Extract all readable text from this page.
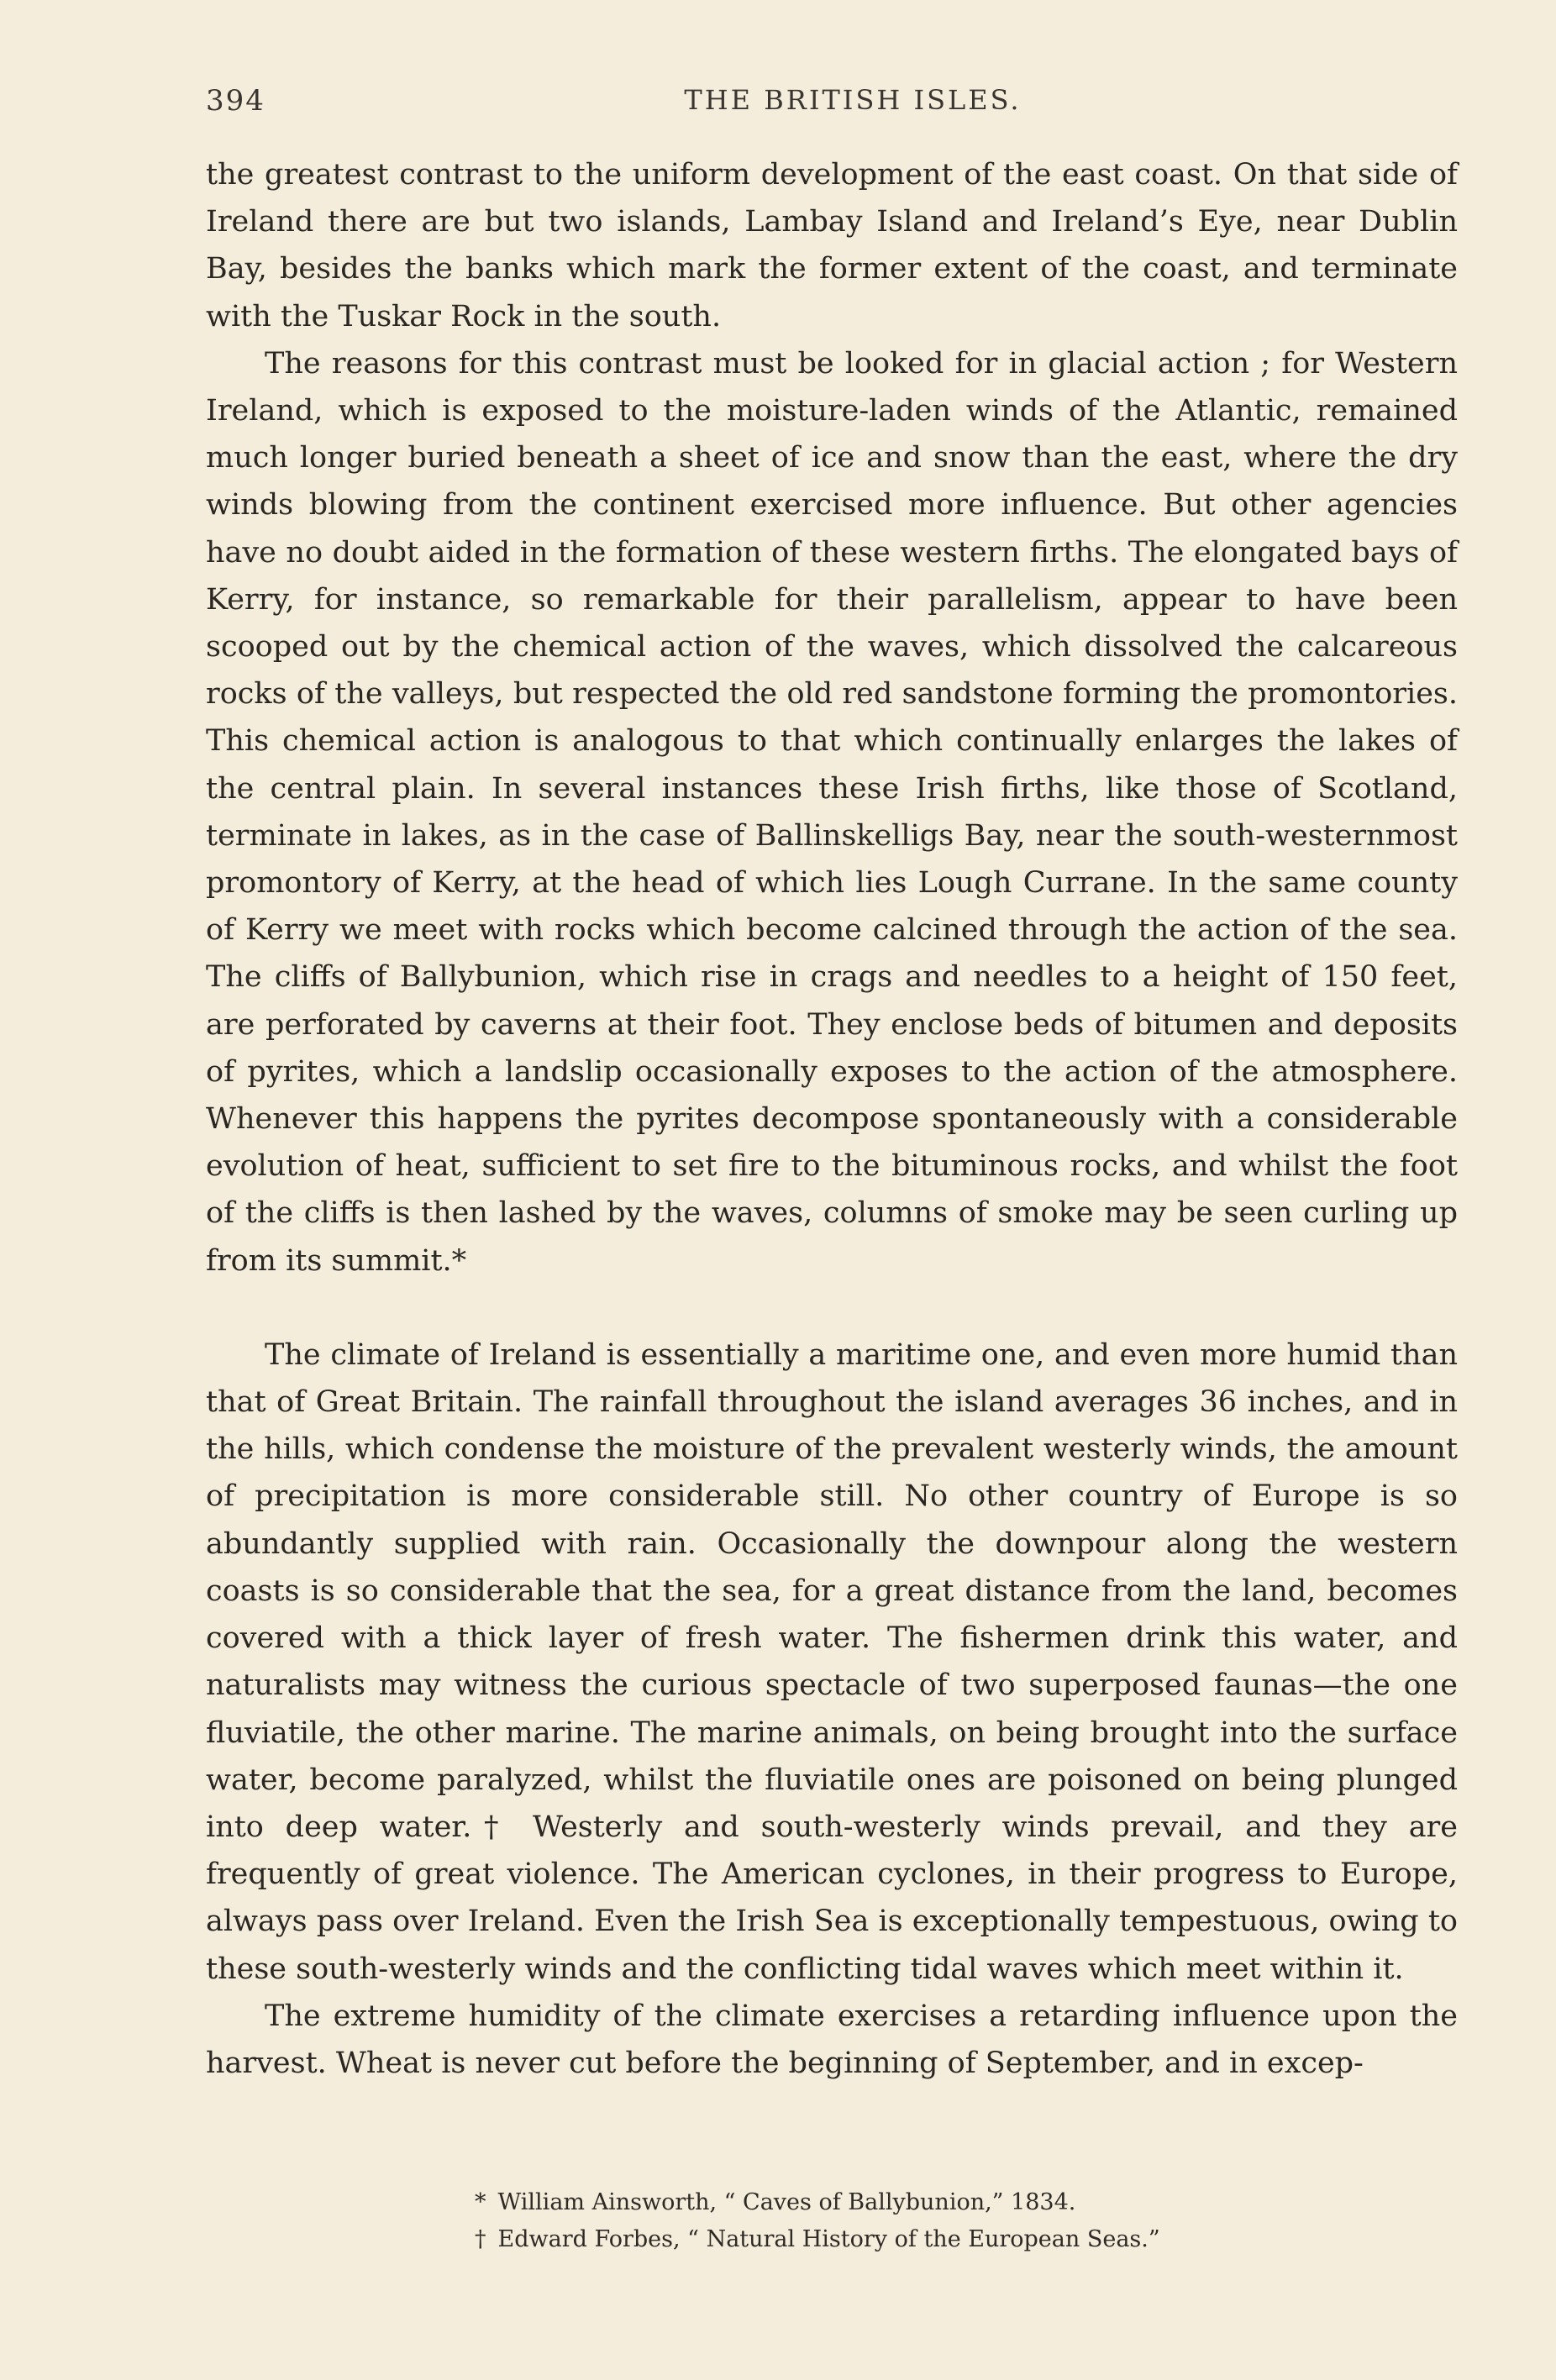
394	THE BRITISH ISLES.

the greatest contrast to the uniform development of the east coast. On that side of Ireland there are but two islands, Lambay Island and Ireland’s Eye, near Dublin Bay, besides the banks which mark the former extent of the coast, and terminate with the Tuskar Rock in the south.

The reasons for this contrast must be looked for in glacial action ; for Western Ireland, which is exposed to the moisture-laden winds of the Atlantic, remained much longer buried beneath a sheet of ice and snow than the east, where the dry winds blowing from the continent exercised more influence. But other agencies have no doubt aided in the formation of these western firths. The elongated bays of Kerry, for instance, so remarkable for their parallelism, appear to have been scooped out by the chemical action of the waves, which dissolved the calcareous rocks of the valleys, but respected the old red sandstone forming the promontories. This chemical action is analogous to that which continually enlarges the lakes of the central plain. In several instances these Irish firths, like those of Scotland, terminate in lakes, as in the case of Ballinskelligs Bay, near the south-westernmost promontory of Kerry, at the head of which lies Lough Currane. In the same county of Kerry we meet with rocks which become calcined through the action of the sea. The cliffs of Ballybunion, which rise in crags and needles to a height of 150 feet, are perforated by caverns at their foot. They enclose beds of bitumen and deposits of pyrites, which a landslip occasionally exposes to the action of the atmosphere. Whenever this happens the pyrites decompose spontaneously with a considerable evolution of heat, sufficient to set fire to the bituminous rocks, and whilst the foot of the cliffs is then lashed by the waves, columns of smoke may be seen curling up from its summit.*

The climate of Ireland is essentially a maritime one, and even more humid than that of Great Britain. The rainfall throughout the island averages 36 inches, and in the hills, which condense the moisture of the prevalent westerly winds, the amount of precipitation is more considerable still. No other country of Europe is so abundantly supplied with rain. Occasionally the downpour along the western coasts is so considerable that the sea, for a great distance from the land, becomes covered with a thick layer of fresh water. The fishermen drink this water, and naturalists may witness the curious spectacle of two superposed faunas—the one fluviatile, the other marine. The marine animals, on being brought into the surface water, become paralyzed, whilst the fluviatile ones are poisoned on being plunged into deep water.† Westerly and south-westerly winds prevail, and they are frequently of great violence. The American cyclones, in their progress to Europe, always pass over Ireland. Even the Irish Sea is exceptionally tempestuous, owing to these south-westerly winds and the conflicting tidal waves which meet within it.

The extreme humidity of the climate exercises a retarding influence upon the harvest. Wheat is never cut before the beginning of September, and in excep-

* William Ainsworth, “ Caves of Ballybunion,” 1834.
† Edward Forbes, “ Natural History of the European Seas.”
